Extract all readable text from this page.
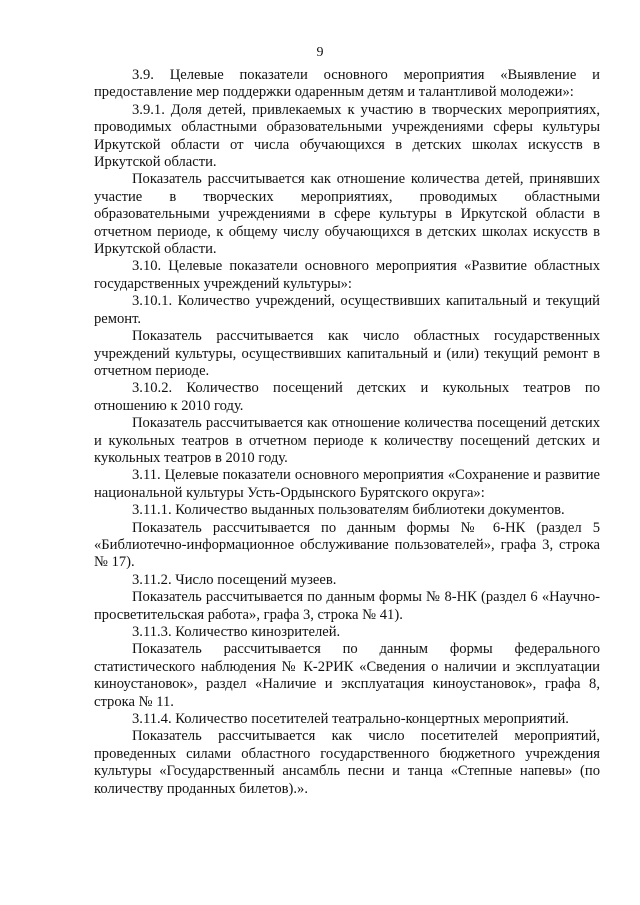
9

3.9. Целевые показатели основного мероприятия «Выявление и предоставление мер поддержки одаренным детям и талантливой молодежи»:

3.9.1. Доля детей, привлекаемых к участию в творческих мероприятиях, проводимых областными образовательными учреждениями сферы культуры Иркутской области от числа обучающихся в детских школах искусств в Иркутской области.

Показатель рассчитывается как отношение количества детей, принявших участие в творческих мероприятиях, проводимых областными образовательными учреждениями в сфере культуры в Иркутской области в отчетном периоде, к общему числу обучающихся в детских школах искусств в Иркутской области.

3.10. Целевые показатели основного мероприятия «Развитие областных государственных учреждений культуры»:

3.10.1. Количество учреждений, осуществивших капитальный и текущий ремонт.

Показатель рассчитывается как число областных государственных учреждений культуры, осуществивших капитальный и (или) текущий ремонт в отчетном периоде.

3.10.2. Количество посещений детских и кукольных театров по отношению к 2010 году.

Показатель рассчитывается как отношение количества посещений детских и кукольных театров в отчетном периоде к количеству посещений детских и кукольных театров в 2010 году.

3.11. Целевые показатели основного мероприятия «Сохранение и развитие национальной культуры Усть-Ордынского Бурятского округа»:

3.11.1. Количество выданных пользователям библиотеки документов.

Показатель рассчитывается по данным формы № 6-НК (раздел 5 «Библиотечно-информационное обслуживание пользователей», графа 3, строка № 17).

3.11.2. Число посещений музеев.

Показатель рассчитывается по данным формы № 8-НК (раздел 6 «Научно-просветительская работа», графа 3, строка № 41).

3.11.3. Количество кинозрителей.

Показатель рассчитывается по данным формы федерального статистического наблюдения № К-2РИК «Сведения о наличии и эксплуатации киноустановок», раздел «Наличие и эксплуатация киноустановок», графа 8, строка № 11.

3.11.4. Количество посетителей театрально-концертных мероприятий.

Показатель рассчитывается как число посетителей мероприятий, проведенных силами областного государственного бюджетного учреждения культуры «Государственный ансамбль песни и танца «Степные напевы» (по количеству проданных билетов).».
